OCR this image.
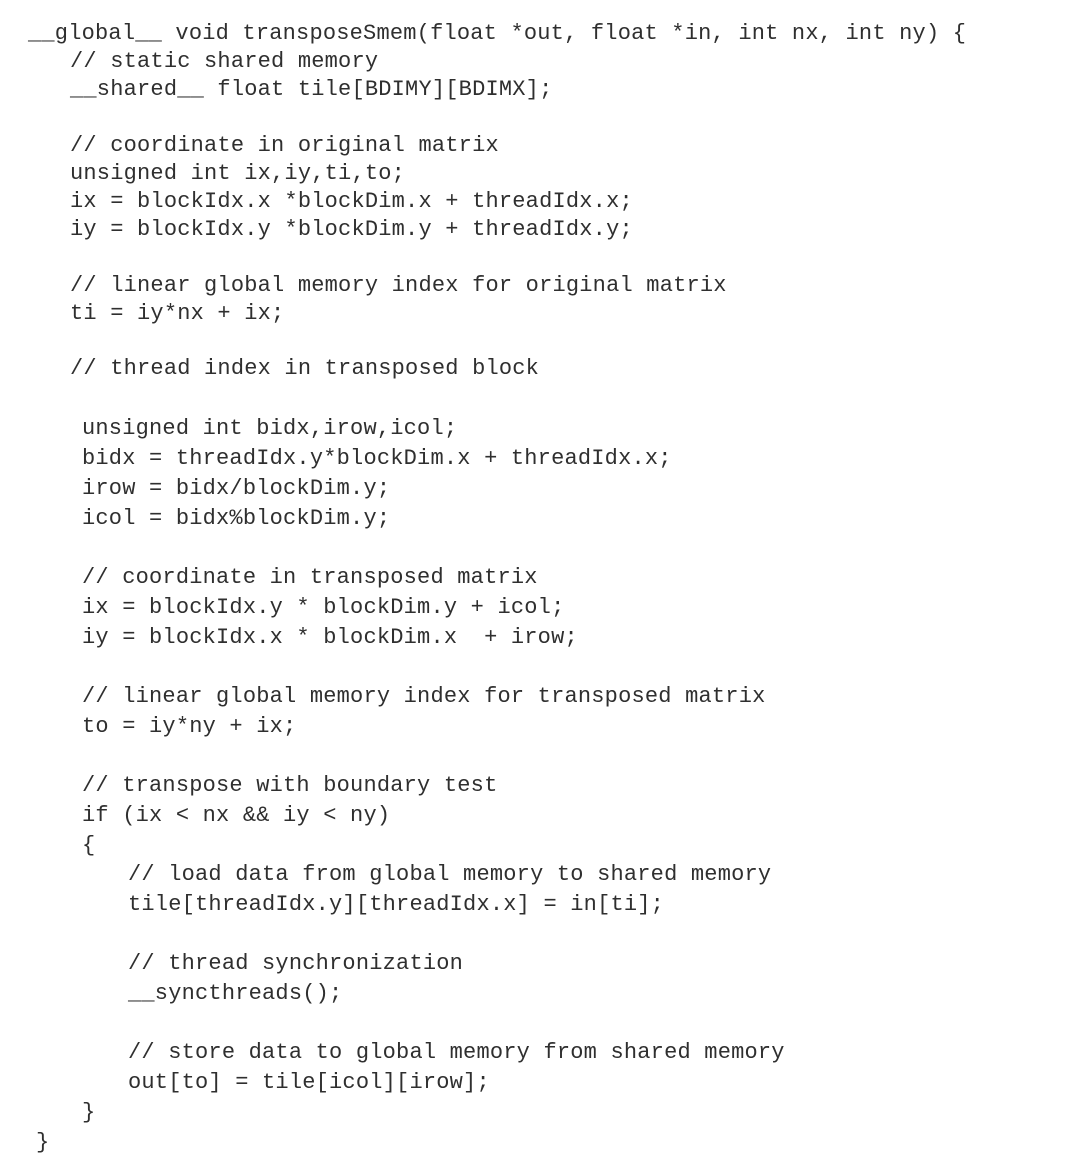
__global__ void transposeSmem(float *out, float *in, int nx, int ny) {
// static shared memory
__shared__ float tile[BDIMY][BDIMX];
// coordinate in original matrix
unsigned int ix,iy,ti,to;
ix = blockIdx.x *blockDim.x + threadIdx.x;
iy = blockIdx.y *blockDim.y + threadIdx.y;
// linear global memory index for original matrix
ti = iy*nx + ix;
// thread index in transposed block
unsigned int bidx,irow,icol;
bidx = threadIdx.y*blockDim.x + threadIdx.x;
irow = bidx/blockDim.y;
icol = bidx%blockDim.y;
// coordinate in transposed matrix
ix = blockIdx.y * blockDim.y + icol;
iy = blockIdx.x * blockDim.x  + irow;
// linear global memory index for transposed matrix
to = iy*ny + ix;
// transpose with boundary test
if (ix < nx && iy < ny)
{
// load data from global memory to shared memory
tile[threadIdx.y][threadIdx.x] = in[ti];
// thread synchronization
__syncthreads();
// store data to global memory from shared memory
out[to] = tile[icol][irow];
}
}
